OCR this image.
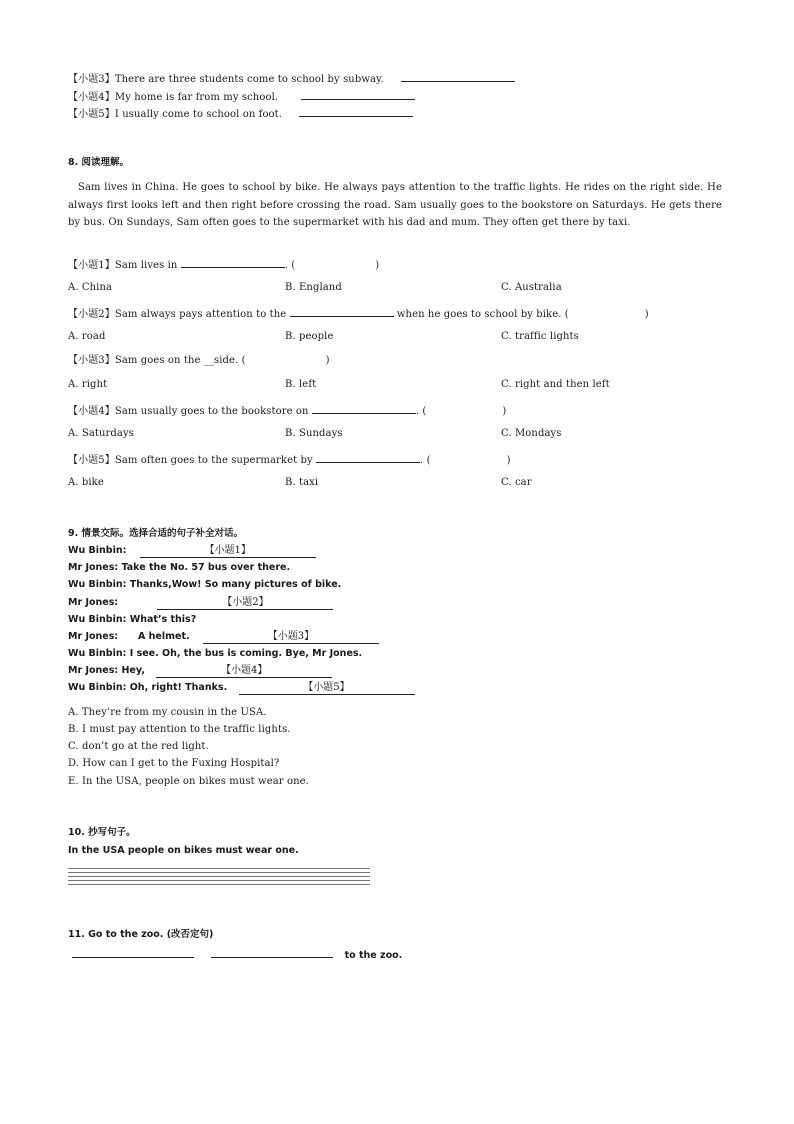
【小题3】There are three students come to school by subway.
【小题4】My home is far from my school.
【小题5】I usually come to school on foot.
8. 阅读理解。
Sam lives in China. He goes to school by bike. He always pays attention to the traffic lights. He rides on the right side. He always first looks left and then right before crossing the road. Sam usually goes to the bookstore on Saturdays. He gets there by bus. On Sundays, Sam often goes to the supermarket with his dad and mum. They often get there by taxi.
【小题1】Sam lives in	. (	)
A. China	B. England	C. Australia
【小题2】Sam always pays attention to the	when he goes to school by bike. (	)
A. road	B. people	C. traffic lights
【小题3】Sam goes on the __side. (	)
A. right	B. left	C. right and then left
【小题4】Sam usually goes to the bookstore on	. (	)
A. Saturdays	B. Sundays	C. Mondays
【小题5】Sam often goes to the supermarket by	. (	)
A. bike	B. taxi	C. car
9. 情景交际。选择合适的句子补全对话。
Wu Binbin:	【小题1】
Mr Jones: Take the No. 57 bus over there.
Wu Binbin: Thanks,Wow! So many pictures of bike.
Mr Jones:	【小题2】
Wu Binbin: What’s this?
Mr Jones:      A helmet.	【小题3】
Wu Binbin: I see. Oh, the bus is coming. Bye, Mr Jones.
Mr Jones: Hey,	【小题4】
Wu Binbin: Oh, right! Thanks.	【小题5】
A. They’re from my cousin in the USA.
B. I must pay attention to the traffic lights.
C. don’t go at the red light.
D. How can I get to the Fuxing Hospital?
E. In the USA, people on bikes must wear one.
10. 抄写句子。
In the USA people on bikes must wear one.
11. Go to the zoo. (改否定句)
to the zoo.
